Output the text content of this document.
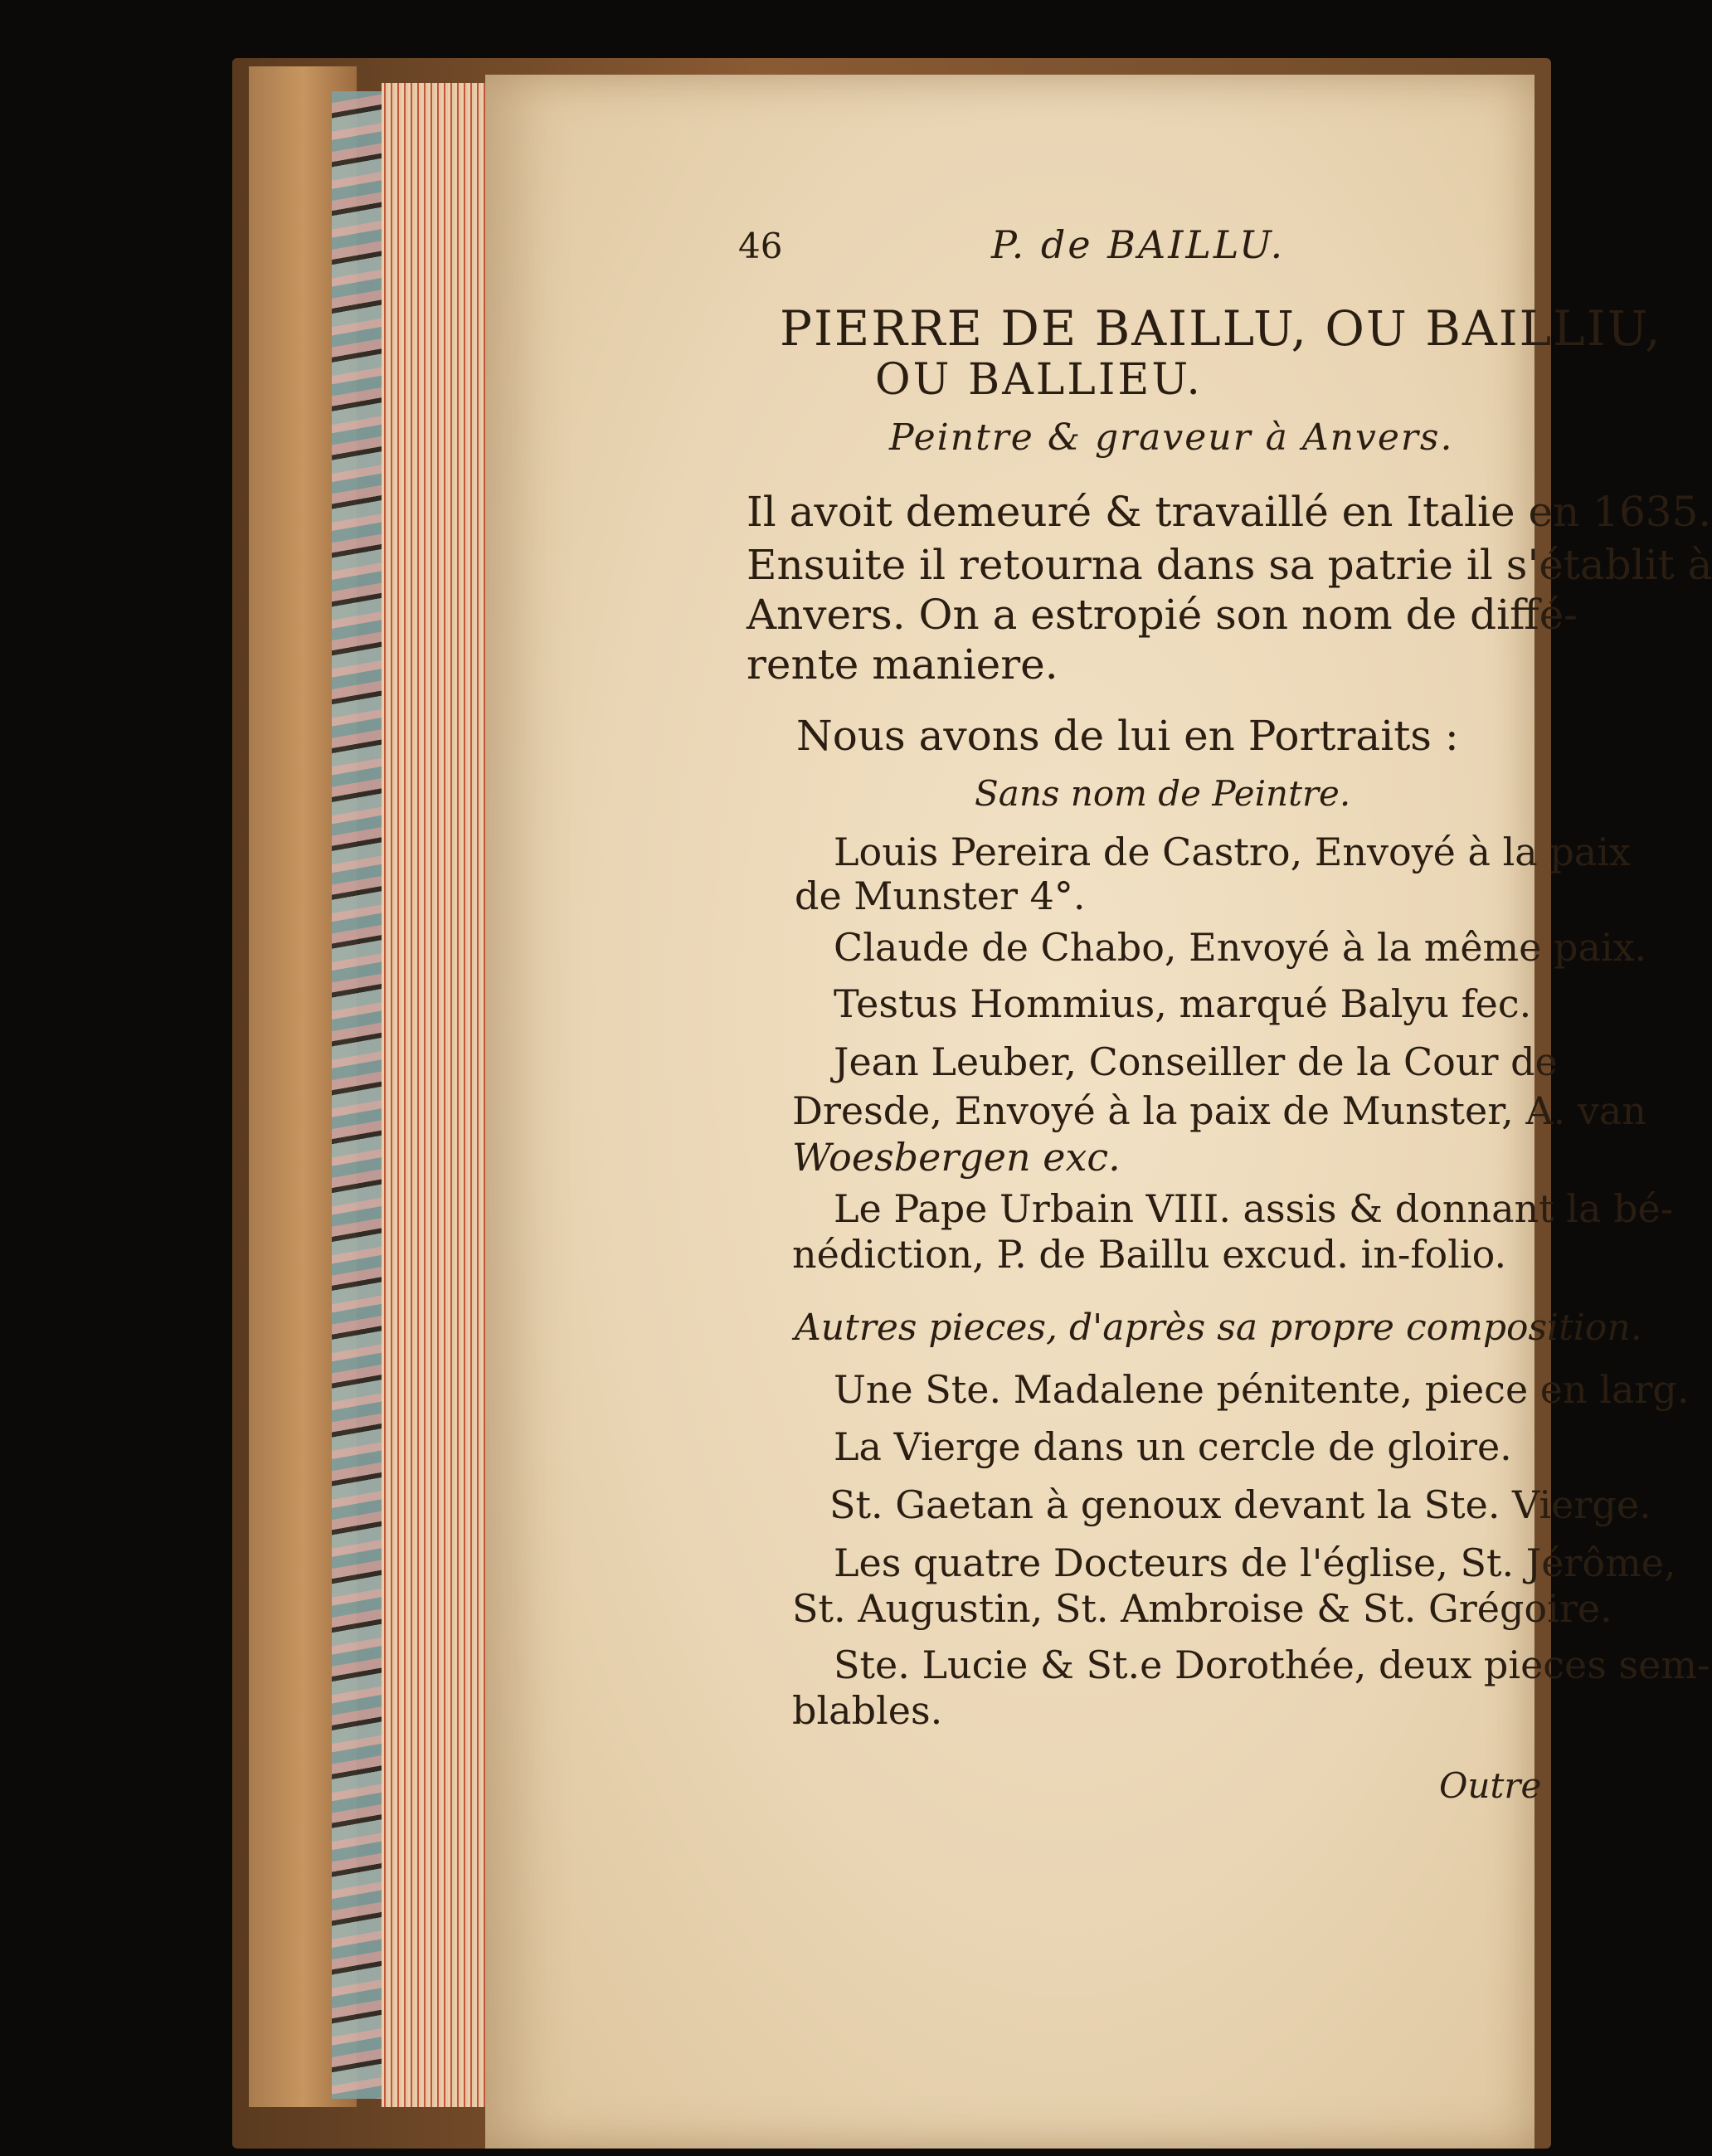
46	P. de BAILLU.
PIERRE DE BAILLU, OU BAILLIU,
OU BALLIEU.
Peintre & graveur à Anvers.
Il avoit demeuré & travaillé en Italie en 1635.
Ensuite il retourna dans sa patrie il s'établit à
Anvers. On a estropié son nom de diffé-
rente maniere.
Nous avons de lui en Portraits :
Sans nom de Peintre.
Louis Pereira de Castro, Envoyé à la paix
de Munster 4°.
Claude de Chabo, Envoyé à la même paix.
Testus Hommius, marqué Balyu fec.
Jean Leuber, Conseiller de la Cour de
Dresde, Envoyé à la paix de Munster, A. van
Woesbergen exc.
Le Pape Urbain VIII. assis & donnant la bé-
nédiction, P. de Baillu excud. in-folio.
Autres pieces, d'après sa propre composition.
Une Ste. Madalene pénitente, piece en larg.
La Vierge dans un cercle de gloire.
St. Gaetan à genoux devant la Ste. Vierge.
Les quatre Docteurs de l'église, St. Jérôme,
St. Augustin, St. Ambroise & St. Grégoire.
Ste. Lucie & St.e Dorothée, deux pieces sem-
blables.
Outre
